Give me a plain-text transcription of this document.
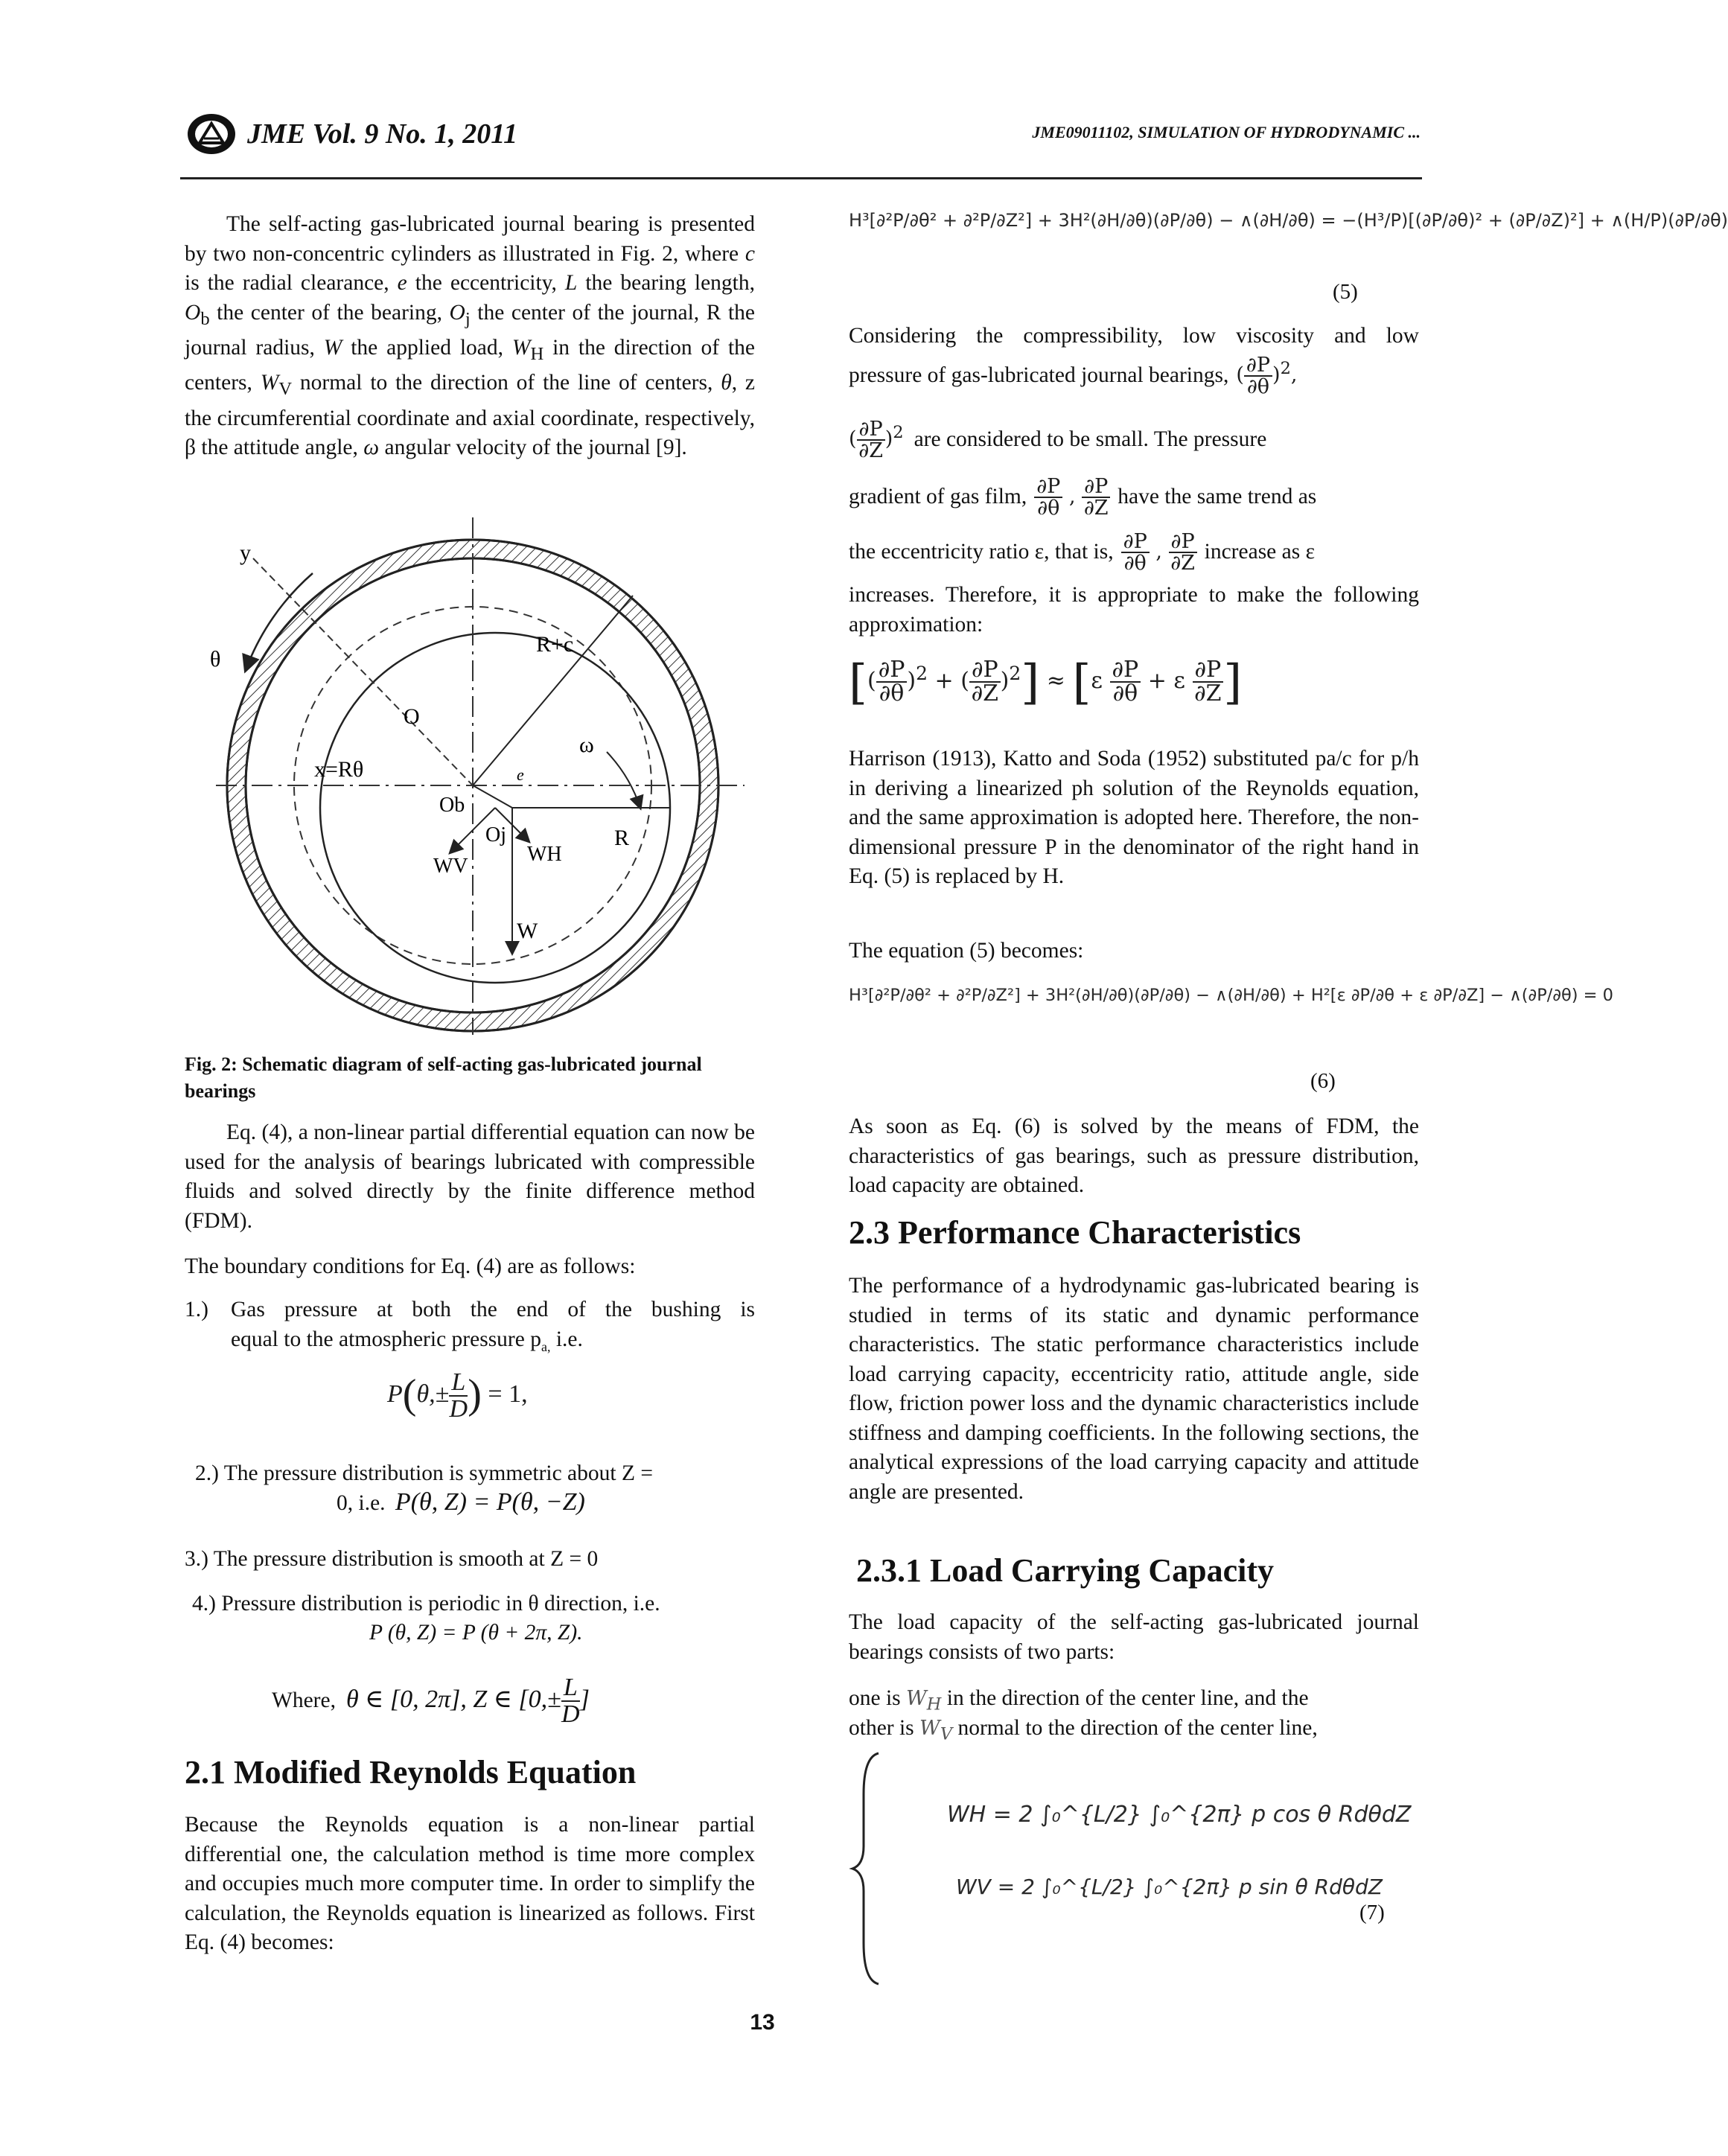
JME Vol. 9 No. 1, 2011	JME09011102, SIMULATION OF HYDRODYNAMIC ...

The self-acting gas-lubricated journal bearing is presented by two non-concentric cylinders as illustrated in Fig. 2, where c is the radial clearance, e the eccentricity, L the bearing length, $O_b$ the center of the bearing, $O_j$ the center of the journal, R the journal radius, W the applied load, $W_H$ in the direction of the centers, $W_V$ normal to the direction of the line of centers, θ, z the circumferential coordinate and axial coordinate, respectively, β the attitude angle, ω angular velocity of the journal [9].

y
θ
R+c
O
ω
x=Rθ	e
Ob
Oj
WV
WH
R
W

Fig. 2: Schematic diagram of self-acting gas-lubricated journal bearings

Eq. (4), a non-linear partial differential equation can now be used for the analysis of bearings lubricated with compressible fluids and solved directly by the finite difference method (FDM).

The boundary conditions for Eq. (4) are as follows:

1.) Gas pressure at both the end of the bushing is
equal to the atmospheric pressure $p_{a,}$ i.e.
$P(\theta,\pm \frac{L}{D}$ ) = 1,

2.) The pressure distribution is symmetric about Z =

0, i.e. P(θ, Z) = P(θ, −Z)

3.) The pressure distribution is smooth at Z = 0

4.) Pressure distribution is periodic in θ direction, i.e.

P (θ, Z) = P (θ + 2π, Z).

Where, θ ∈ [0, 2π], Z ∈ [$0,\pm \frac{L}{D}$ ]

2.1 Modified Reynolds Equation

Because the Reynolds equation is a non-linear partial differential one, the calculation method is time more complex and occupies much more computer time. In order to simplify the calculation, the Reynolds equation is linearized as follows. First Eq. (4) becomes:

H³[∂²P/∂θ² + ∂²P/∂Z²] + 3H²(∂H/∂θ)(∂P/∂θ) − ∧(∂H/∂θ) = −(H³/P)[(∂P/∂θ)² + (∂P/∂Z)²] + ∧(H/P)(∂P/∂θ)
(5)

Considering the compressibility, low viscosity and low

pressure of gas-lubricated journal bearings, ( $\frac{\partial P}{\partial\theta} )^2$,
( $\frac{\partial P}{\partial Z} )^2$ are considered to be small. The pressure
gradient of gas film, $\frac{\partial P}{\partial\theta}$ , $\frac{\partial P}{\partial Z}$ have the same trend as
the eccentricity ratio ε, that is, $\frac{\partial P}{\partial\theta}$ , $\frac{\partial P}{\partial Z}$ increase as ε

increases. Therefore, it is appropriate to make the following approximation:

[( $\frac{\partial P}{\partial\theta} )^2$ + ( $\frac{\partial P}{\partial Z} )^2] \approx [\varepsilon \frac{\partial P}{\partial\theta} + \varepsilon \frac{\partial P}{\partial Z}$ ]

Harrison (1913), Katto and Soda (1952) substituted pa/c for p/h in deriving a linearized ph solution of the Reynolds equation, and the same approximation is adopted here. Therefore, the non-dimensional pressure P in the denominator of the right hand in Eq. (5) is replaced by H.

The equation (5) becomes:

H³[∂²P/∂θ² + ∂²P/∂Z²] + 3H²(∂H/∂θ)(∂P/∂θ) − ∧(∂H/∂θ) + H²[ε ∂P/∂θ + ε ∂P/∂Z] − ∧(∂P/∂θ) = 0
(6)

As soon as Eq. (6) is solved by the means of FDM, the characteristics of gas bearings, such as pressure distribution, load capacity are obtained.

2.3 Performance Characteristics

The performance of a hydrodynamic gas-lubricated bearing is studied in terms of its static and dynamic performance characteristics. The static performance characteristics include load carrying capacity, eccentricity ratio, attitude angle, side flow, friction power loss and the dynamic characteristics include stiffness and damping coefficients. In the following sections, the analytical expressions of the load carrying capacity and attitude angle are presented.

2.3.1 Load Carrying Capacity

The load capacity of the self-acting gas-lubricated journal bearings consists of two parts:

one is $W_H$ in the direction of the center line, and the
other is $W_V$ normal to the direction of the center line,
WH = 2 ∫₀^{L/2} ∫₀^{2π} p cos θ RdθdZ
WV = 2 ∫₀^{L/2} ∫₀^{2π} p sin θ RdθdZ
(7)
13
